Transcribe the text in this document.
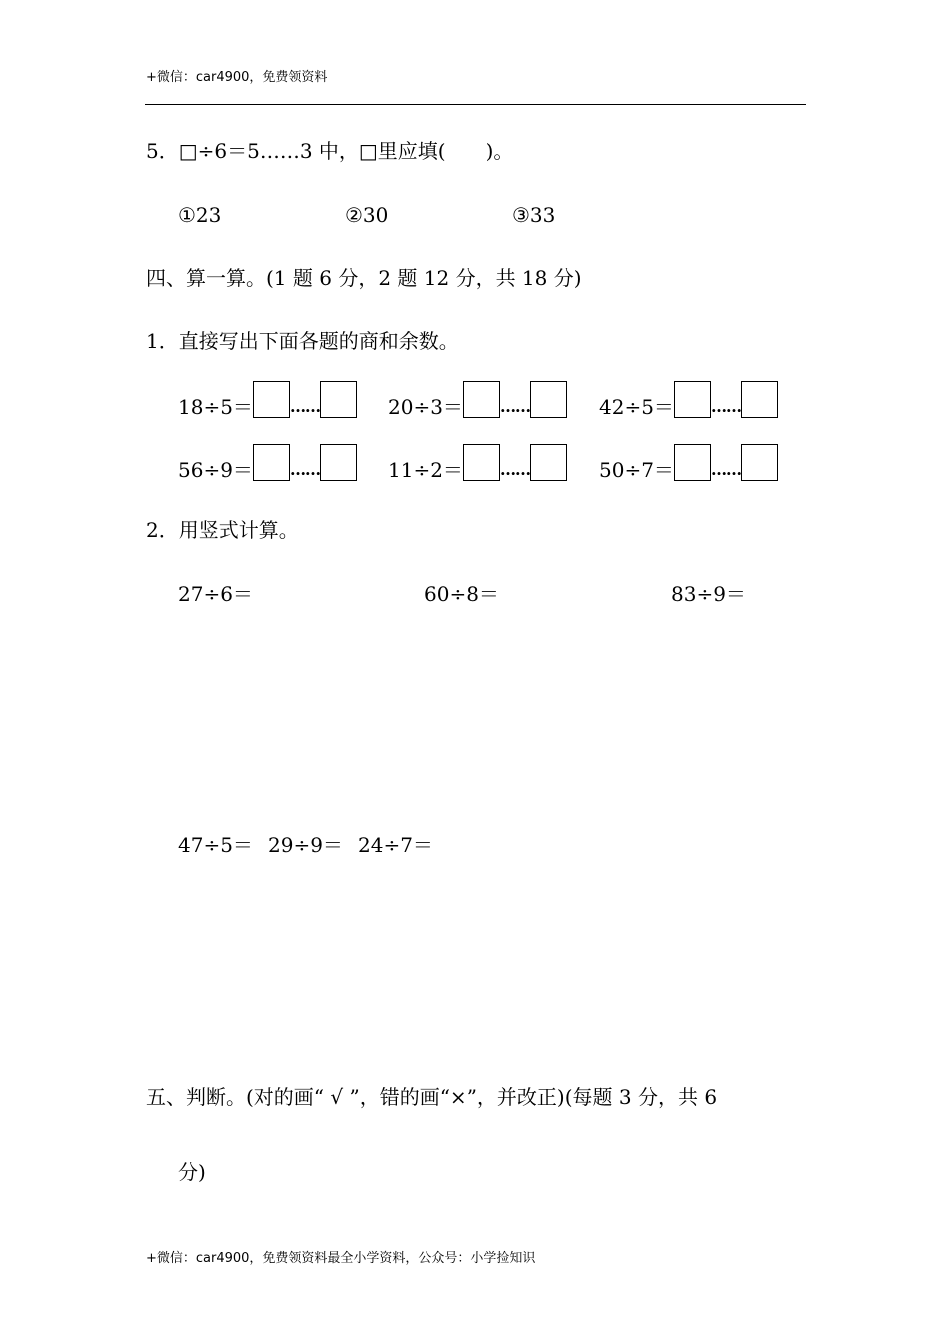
+微信：car4900，免费领资料
5．□÷6＝5……3 中，□里应填(　　)。
①23	②30	③33
四、算一算。(1 题 6 分，2 题 12 分，共 18 分)
1．直接写出下面各题的商和余数。
18÷5＝ ……	20÷3＝ ……	42÷5＝ ……
56÷9＝ ……	11÷2＝ ……	50÷7＝ ……
2．用竖式计算。
27÷6＝	60÷8＝	83÷9＝
47÷5＝ 29÷9＝ 24÷7＝
五、判断。(对的画“ √ ”，错的画“×”，并改正)(每题 3 分，共 6
分)
+微信：car4900，免费领资料最全小学资料，公众号：小学捡知识
